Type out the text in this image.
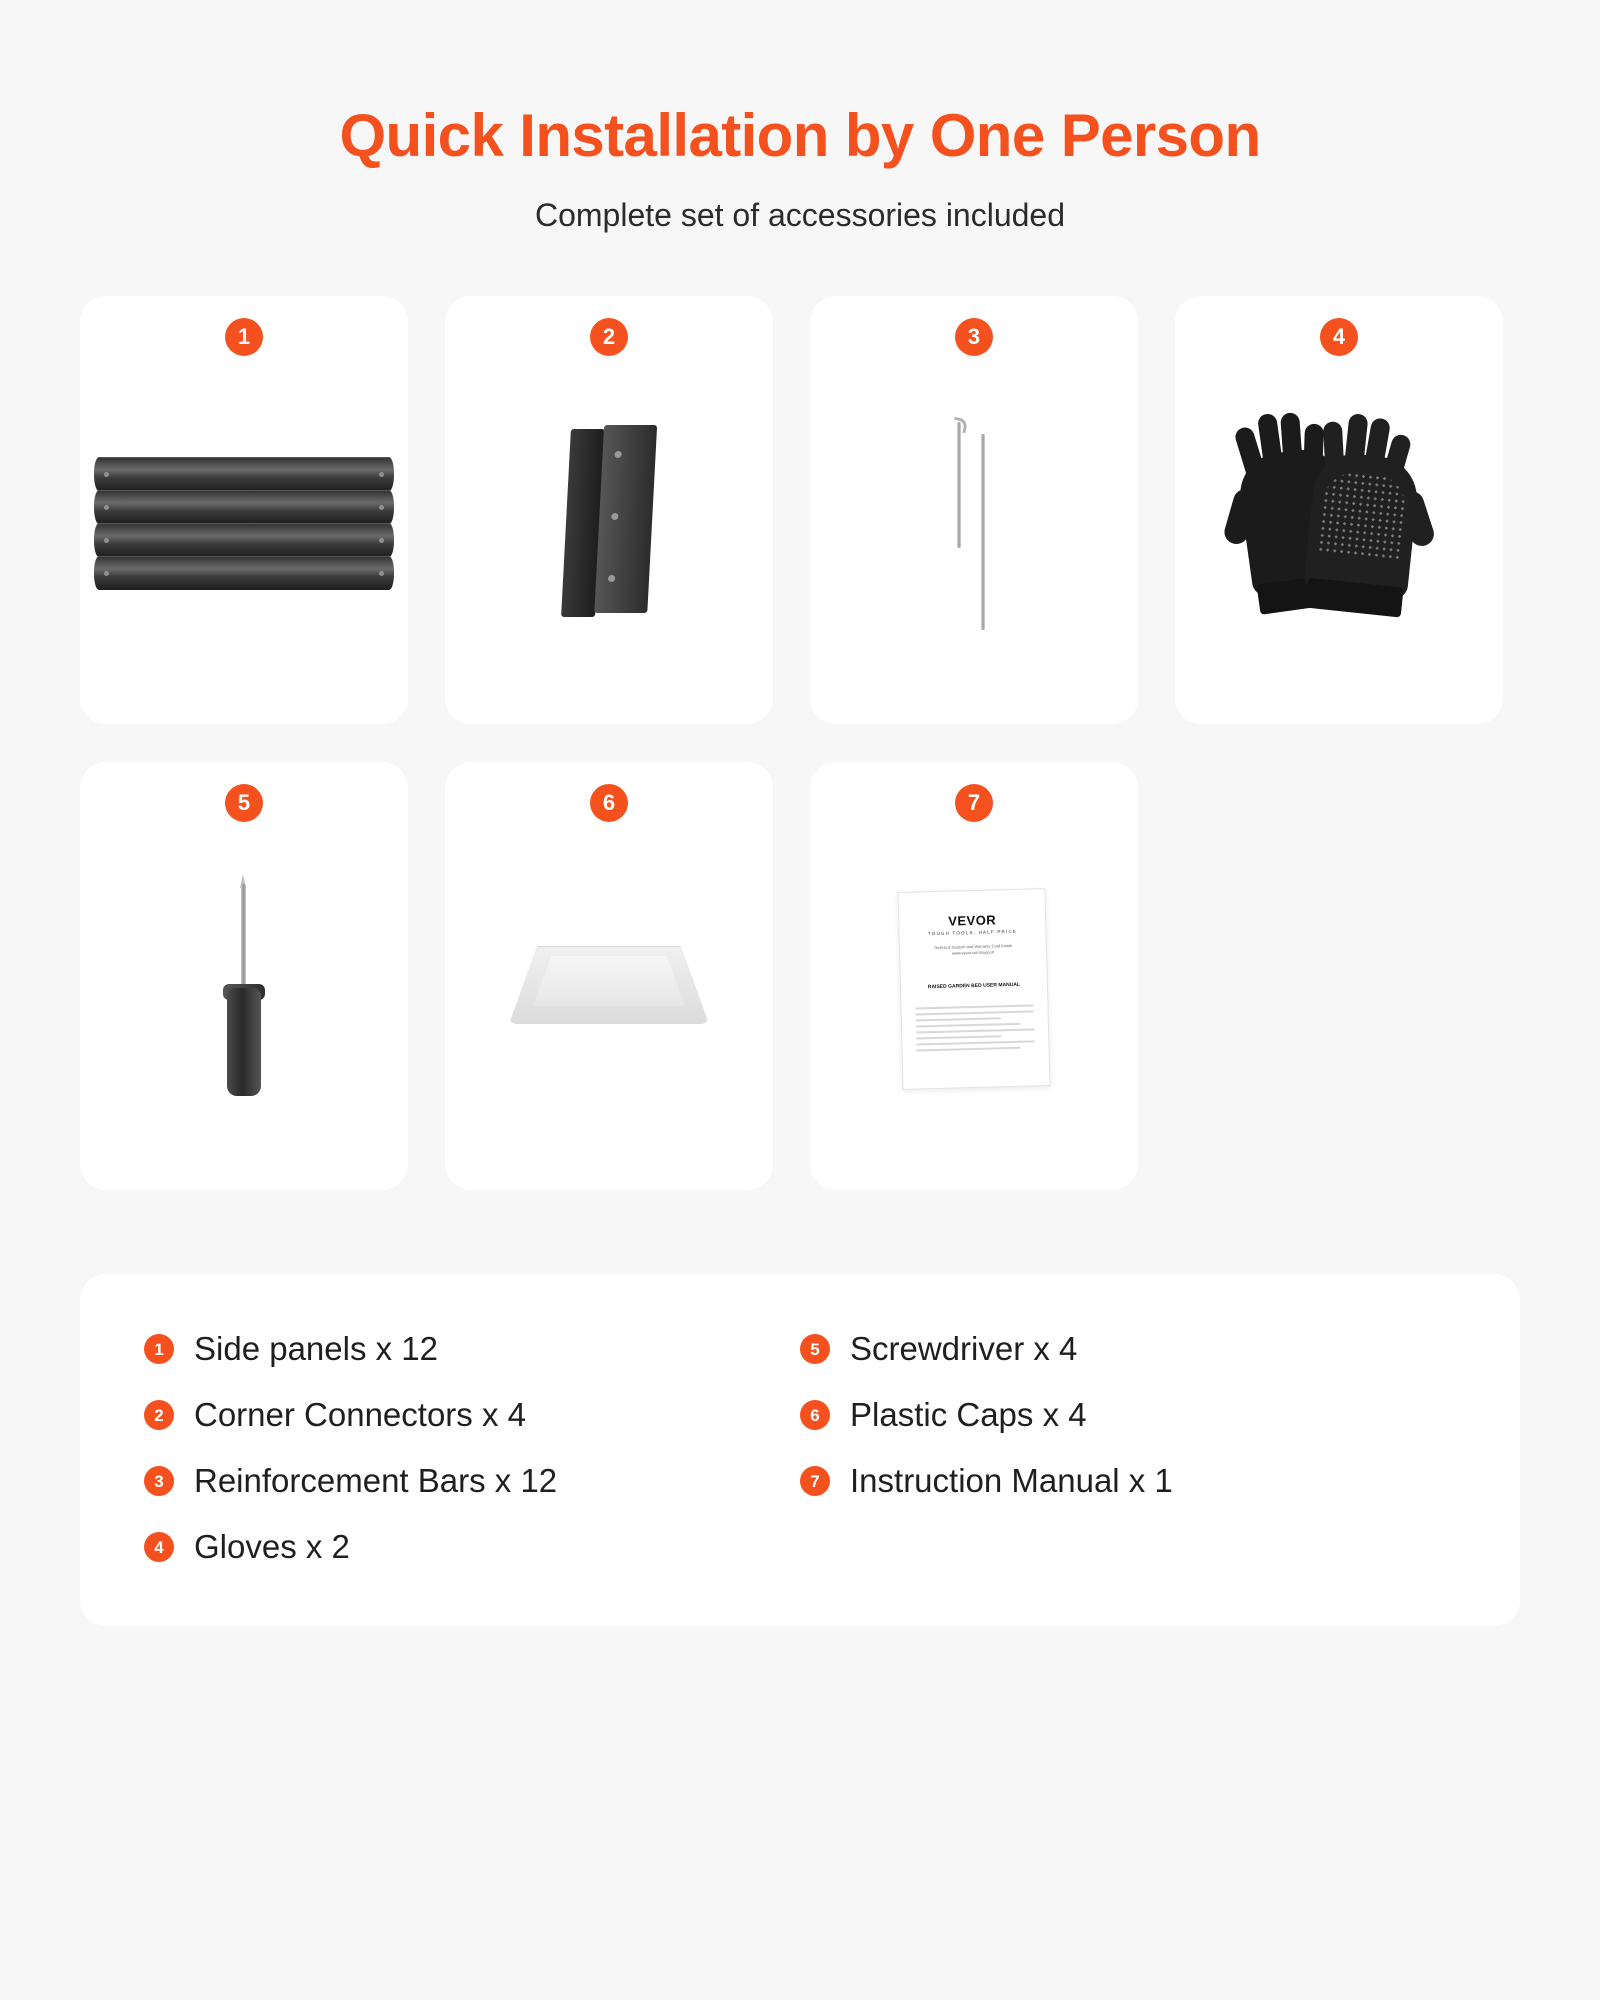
Quick Installation by One Person
Complete set of accessories included
1	2	3	4
5	6	7
VEVOR
TOUGH TOOLS, HALF PRICE
Technical Support and Warranty Card Inside www.vevor.com/support
RAISED GARDEN BED USER MANUAL
1 Side panels x 12
2 Corner Connectors x 4
3 Reinforcement Bars x 12
4 Gloves x 2
5 Screwdriver x 4
6 Plastic Caps x 4
7 Instruction Manual x 1
